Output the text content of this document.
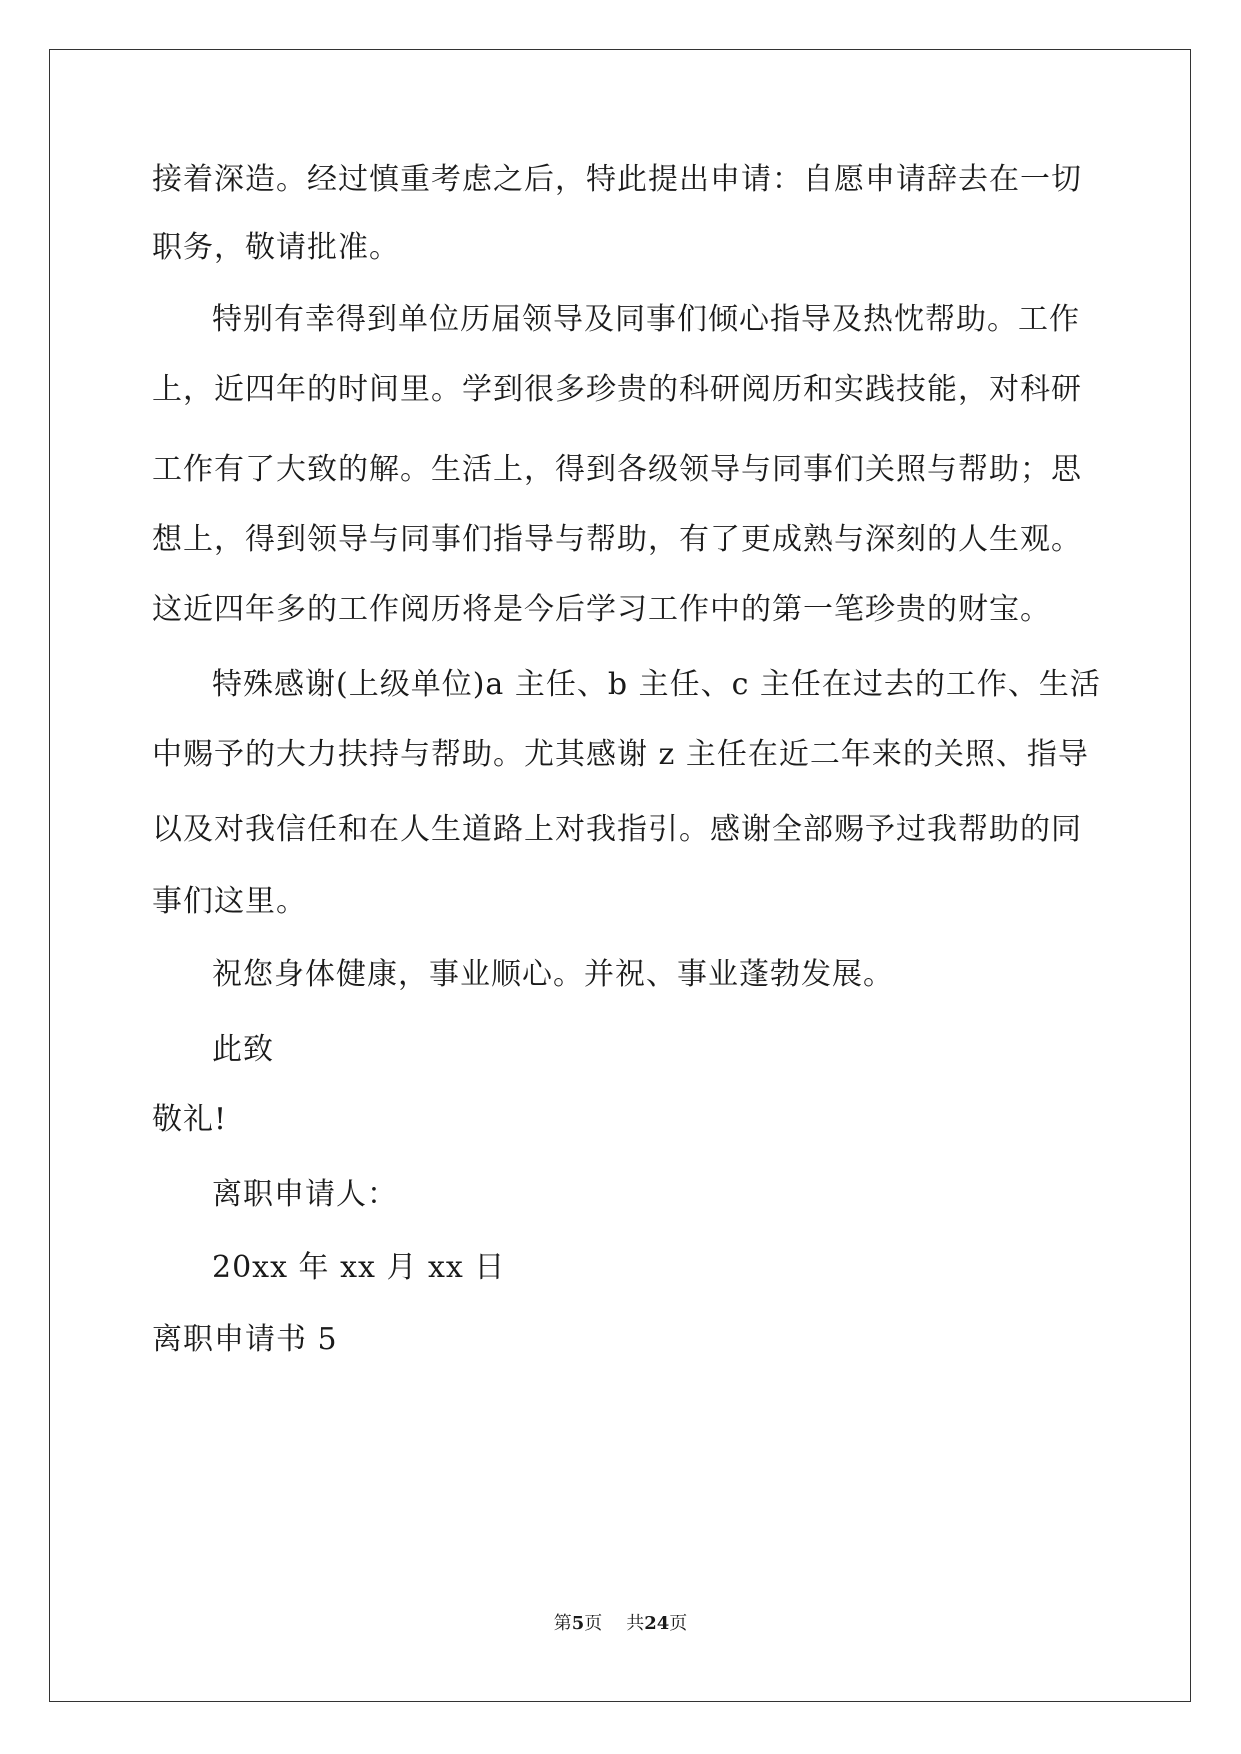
接着深造。经过慎重考虑之后，特此提出申请：自愿申请辞去在一切
职务，敬请批准。
特别有幸得到单位历届领导及同事们倾心指导及热忱帮助。工作
上，近四年的时间里。学到很多珍贵的科研阅历和实践技能，对科研
工作有了大致的解。生活上，得到各级领导与同事们关照与帮助；思
想上，得到领导与同事们指导与帮助，有了更成熟与深刻的人生观。
这近四年多的工作阅历将是今后学习工作中的第一笔珍贵的财宝。
特殊感谢(上级单位)a 主任、b 主任、c 主任在过去的工作、生活
中赐予的大力扶持与帮助。尤其感谢 z 主任在近二年来的关照、指导
以及对我信任和在人生道路上对我指引。感谢全部赐予过我帮助的同
事们这里。
祝您身体健康，事业顺心。并祝、事业蓬勃发展。
此致
敬礼!
离职申请人：
20xx 年 xx 月 xx 日
离职申请书 5
第5页 共24页
